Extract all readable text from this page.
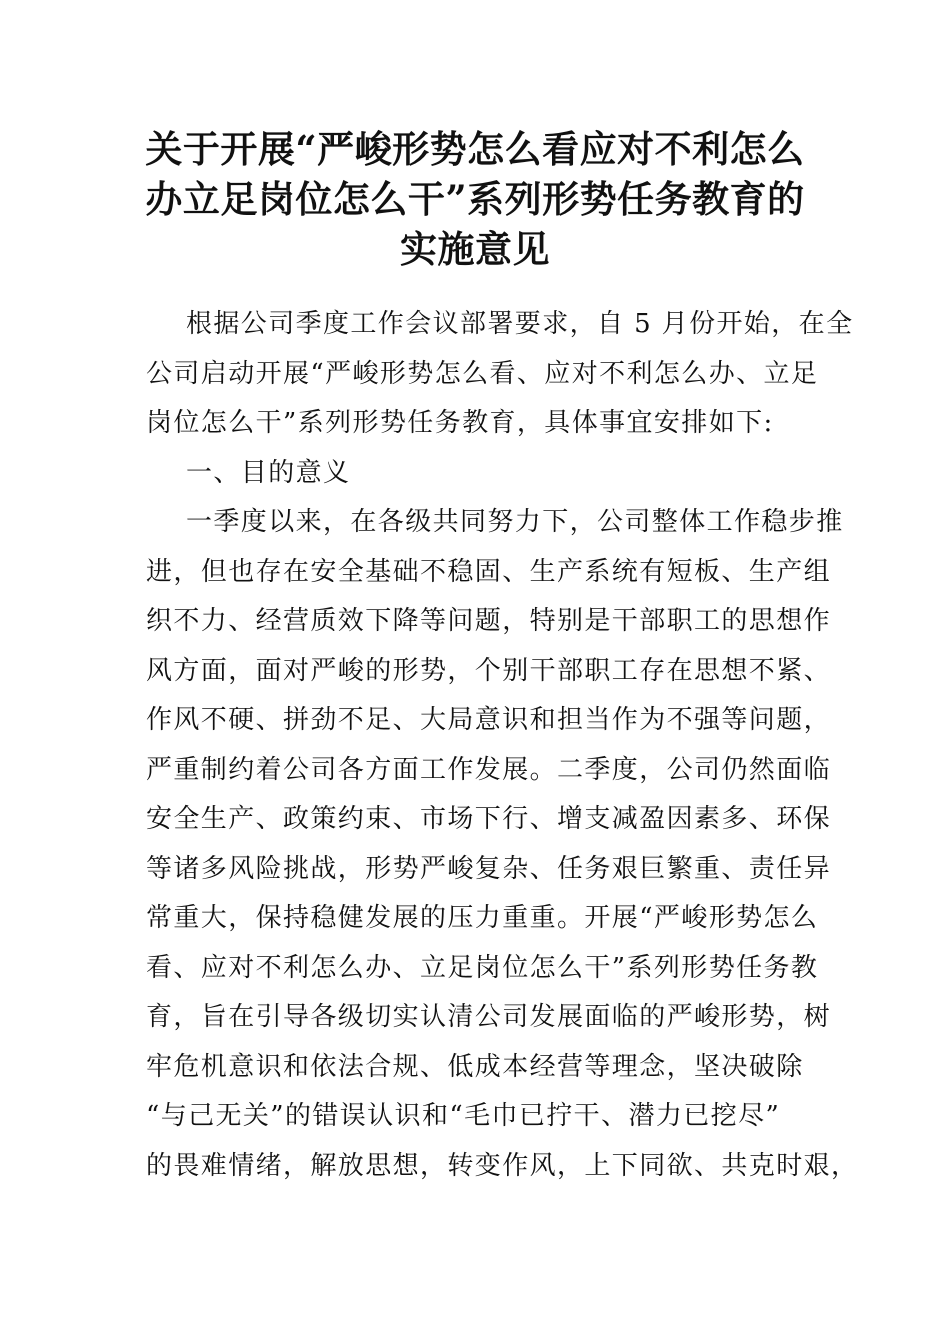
关于开展“严峻形势怎么看应对不利怎么
办立足岗位怎么干”系列形势任务教育的
实施意见
根据公司季度工作会议部署要求，自 5 月份开始，在全
公司启动开展“严峻形势怎么看、应对不利怎么办、立足
岗位怎么干”系列形势任务教育，具体事宜安排如下:
一、目的意义
一季度以来，在各级共同努力下，公司整体工作稳步推
进，但也存在安全基础不稳固、生产系统有短板、生产组
织不力、经营质效下降等问题，特别是干部职工的思想作
风方面，面对严峻的形势，个别干部职工存在思想不紧、
作风不硬、拼劲不足、大局意识和担当作为不强等问题，
严重制约着公司各方面工作发展。二季度，公司仍然面临
安全生产、政策约束、市场下行、增支减盈因素多、环保
等诸多风险挑战，形势严峻复杂、任务艰巨繁重、责任异
常重大，保持稳健发展的压力重重。开展“严峻形势怎么
看、应对不利怎么办、立足岗位怎么干”系列形势任务教
育，旨在引导各级切实认清公司发展面临的严峻形势，树
牢危机意识和依法合规、低成本经营等理念，坚决破除
“与己无关”的错误认识和“毛巾已拧干、潜力已挖尽”
的畏难情绪，解放思想，转变作风，上下同欲、共克时艰，
